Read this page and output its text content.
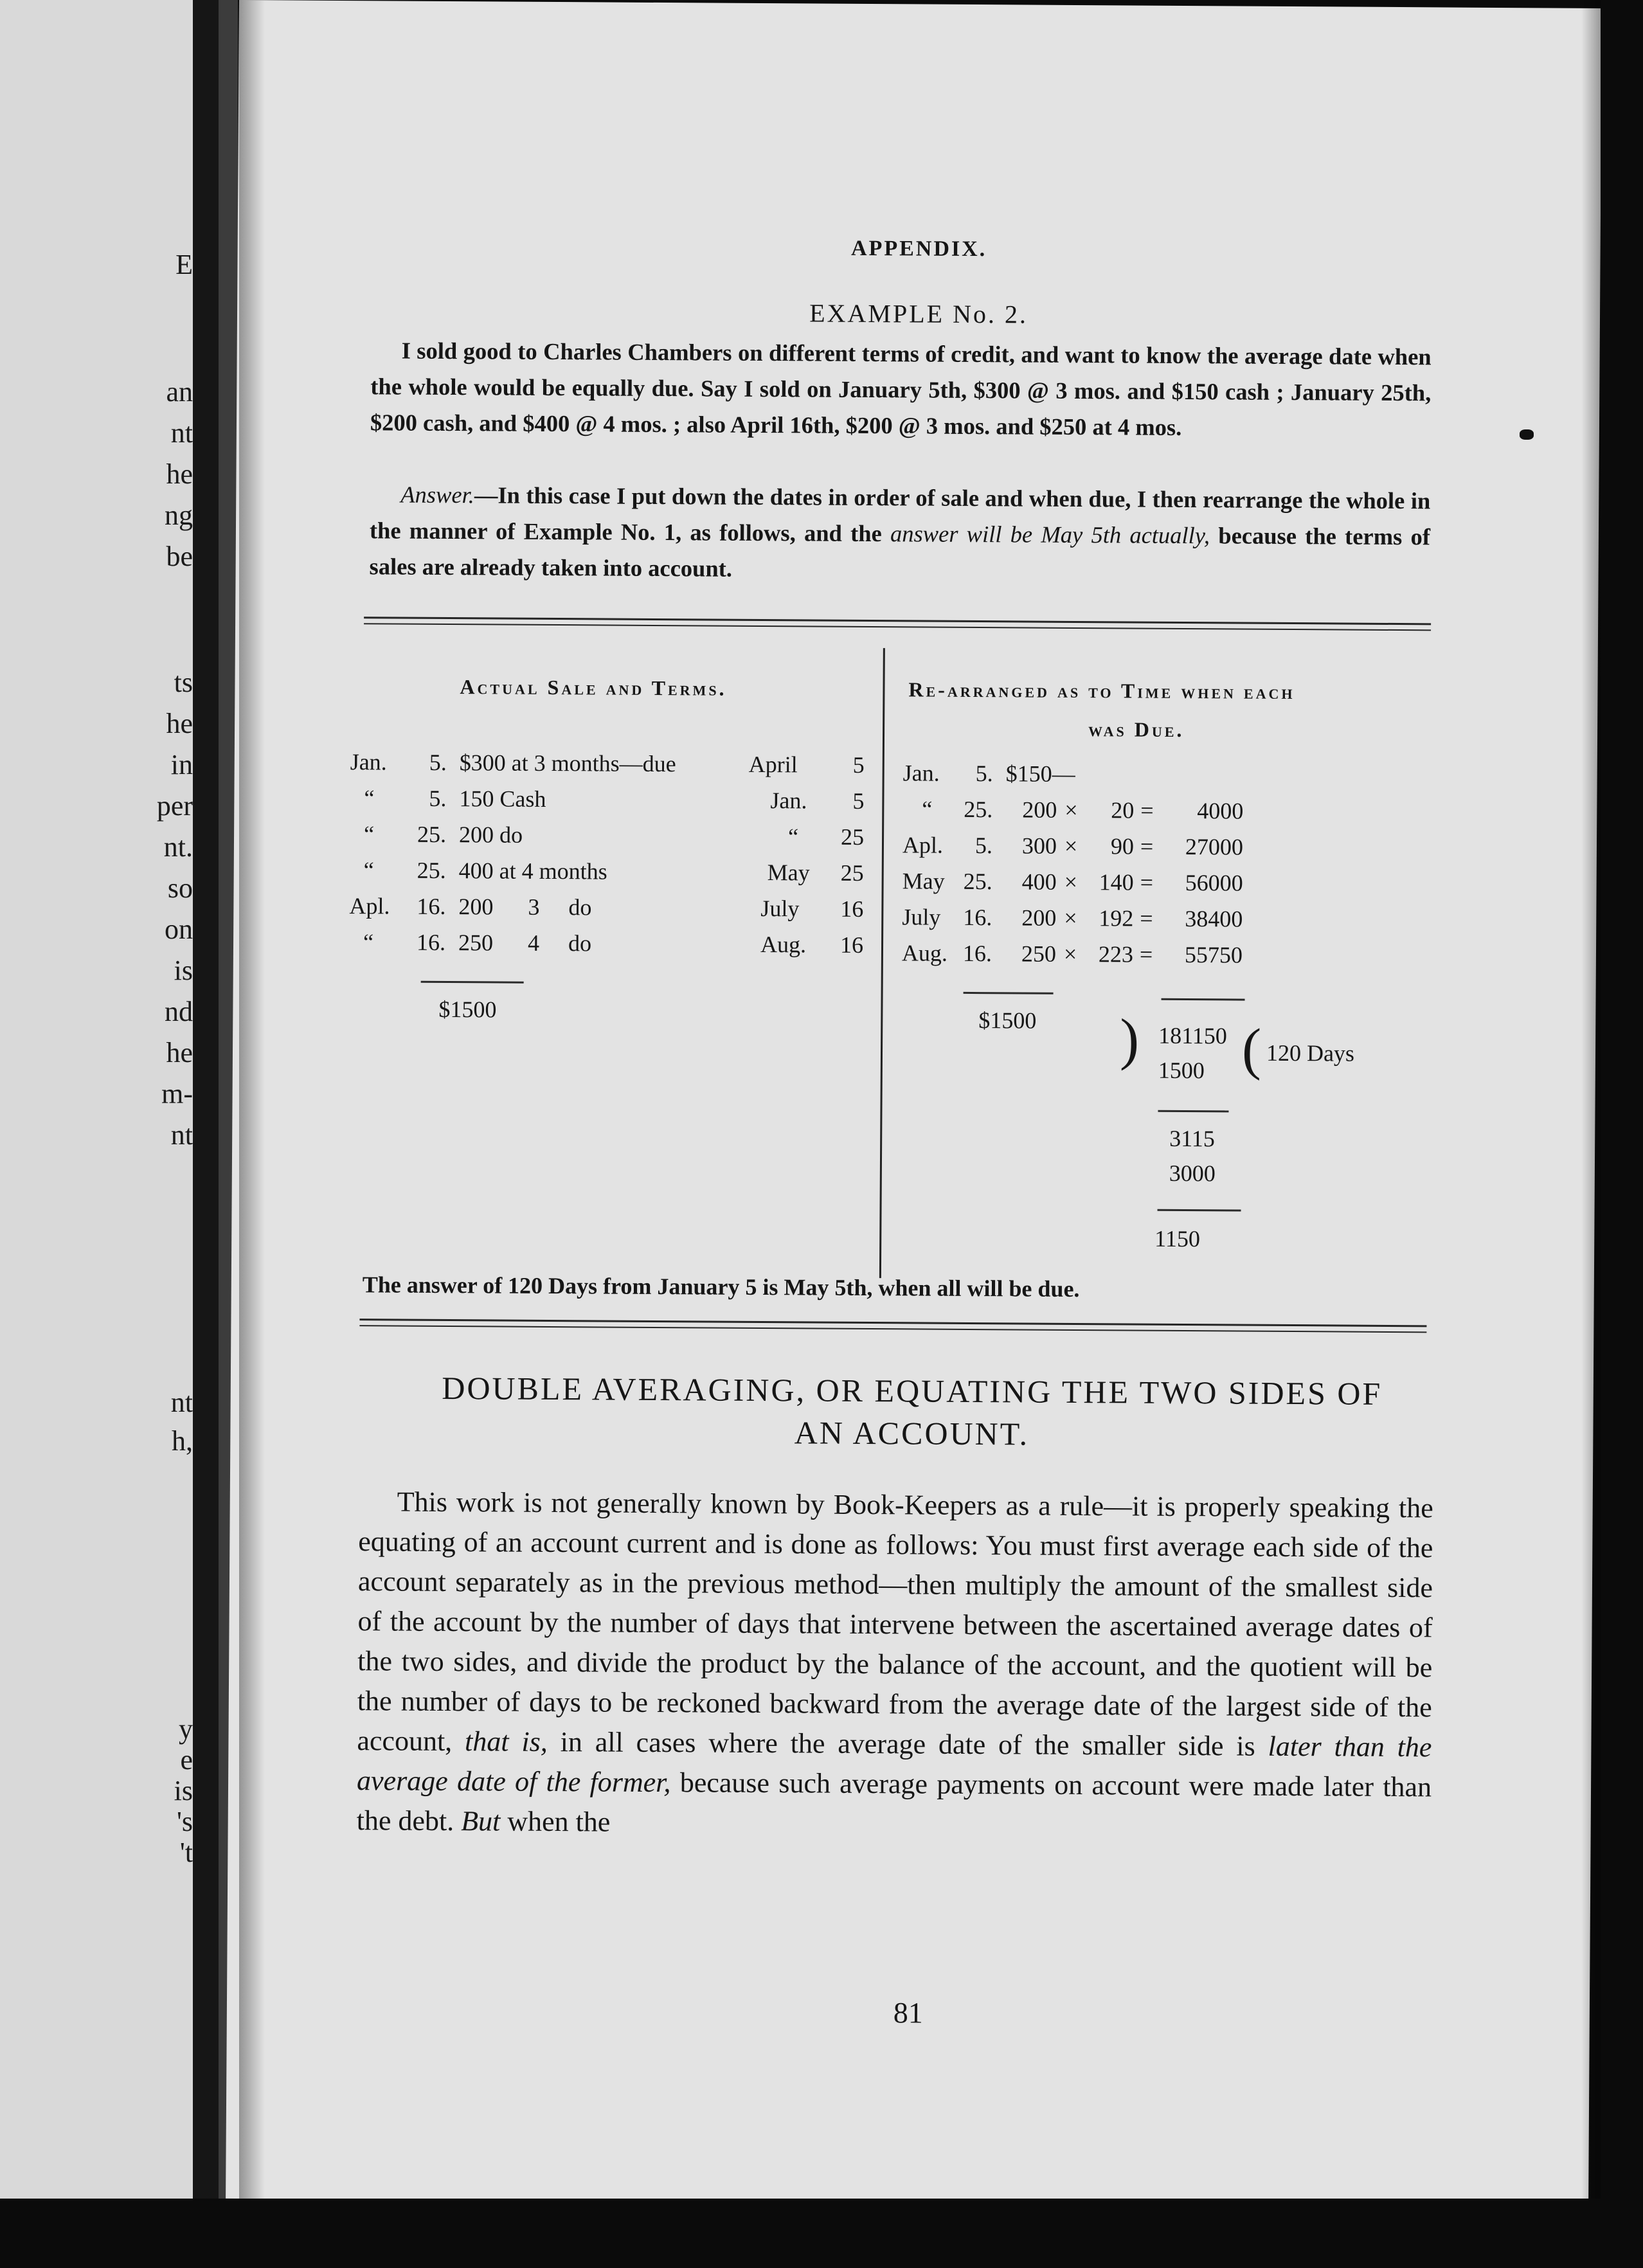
E
an
nt
he
ng
be
ts
he
in
per
nt.
so
on
is
nd
he
m-
nt
nt
h,
y
e
is
's
't
APPENDIX.
EXAMPLE No. 2.

I sold good to Charles Chambers on different terms of credit, and want to know the average date when the whole would be equally due. Say I sold on January 5th, $300 @ 3 mos. and $150 cash ; January 25th, $200 cash, and $400 @ 4 mos. ; also April 16th, $200 @ 3 mos. and $250 at 4 mos.

Answer.—In this case I put down the dates in order of sale and when due, I then rearrange the whole in the manner of Example No. 1, as follows, and the answer will be May 5th actually, because the terms of sales are already taken into account.

Actual Sale and Terms.
Jan.	5. $300 at 3 months—due	April	5
“	5. 150 Cash	Jan.	5
“	25. 200 do	“	25
“	25. 400 at 4 months	May	25
Apl.	16. 200      3     do	July	16
“	16. 250      4     do	Aug.	16
$1500
Re-arranged as to Time when each
was Due.
Jan.	5. $150—
“	25.	200 ×	20 =	4000
Apl.	5.	300 ×	90 =	27000
May 25.	400 × 140 =	56000
July 16.	200 × 192 =	38400
Aug. 16.	250 × 223 =	55750
$1500 ) 181150
1500 ( 120 Days
3115
3000
1150
The answer of 120 Days from January 5 is May 5th, when all will be due.
DOUBLE AVERAGING, OR EQUATING THE TWO SIDES OF
AN ACCOUNT.

This work is not generally known by Book-Keepers as a rule—it is properly speaking the equating of an account current and is done as follows: You must first average each side of the account separately as in the previous method—then multiply the amount of the smallest side of the account by the number of days that intervene between the ascertained average dates of the two sides, and divide the product by the balance of the account, and the quotient will be the number of days to be reckoned backward from the average date of the largest side of the account, that is, in all cases where the average date of the smaller side is later than the average date of the former, because such average payments on account were made later than the debt. But when the

81
